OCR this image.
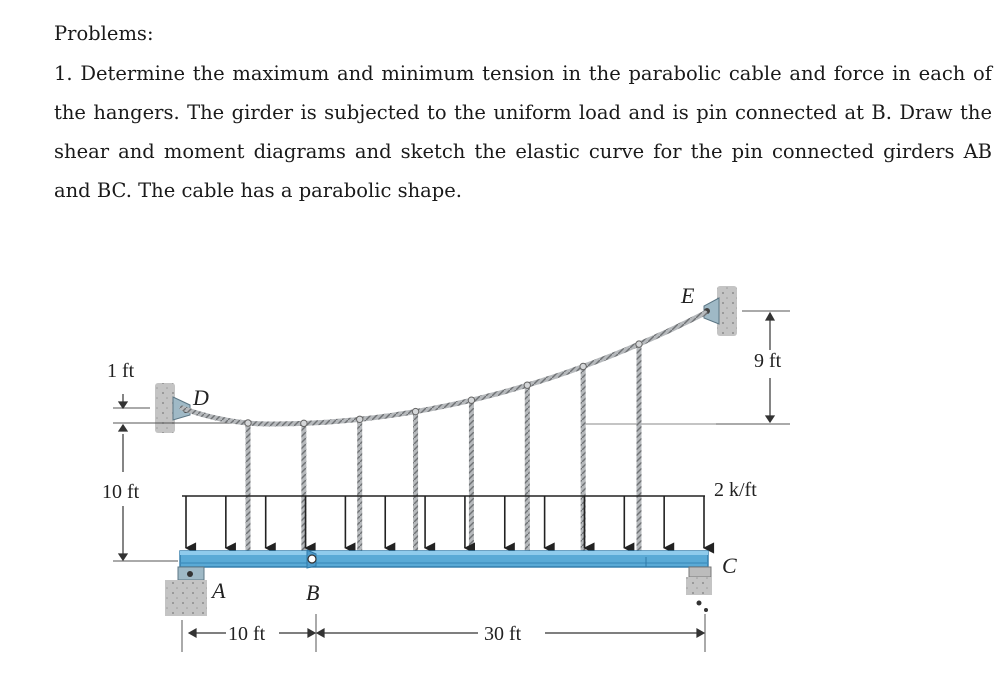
Problems:

1. Determine the maximum and minimum tension in the parabolic cable and force in each of the hangers. The girder is subjected to the uniform load and is pin connected at B. Draw the shear and moment diagrams and sketch the elastic curve for the pin connected girders AB and BC. The cable has a parabolic shape.

1 ft
10 ft
9 ft
2 k/ft
10 ft	30 ft
A	B
C
D
E
